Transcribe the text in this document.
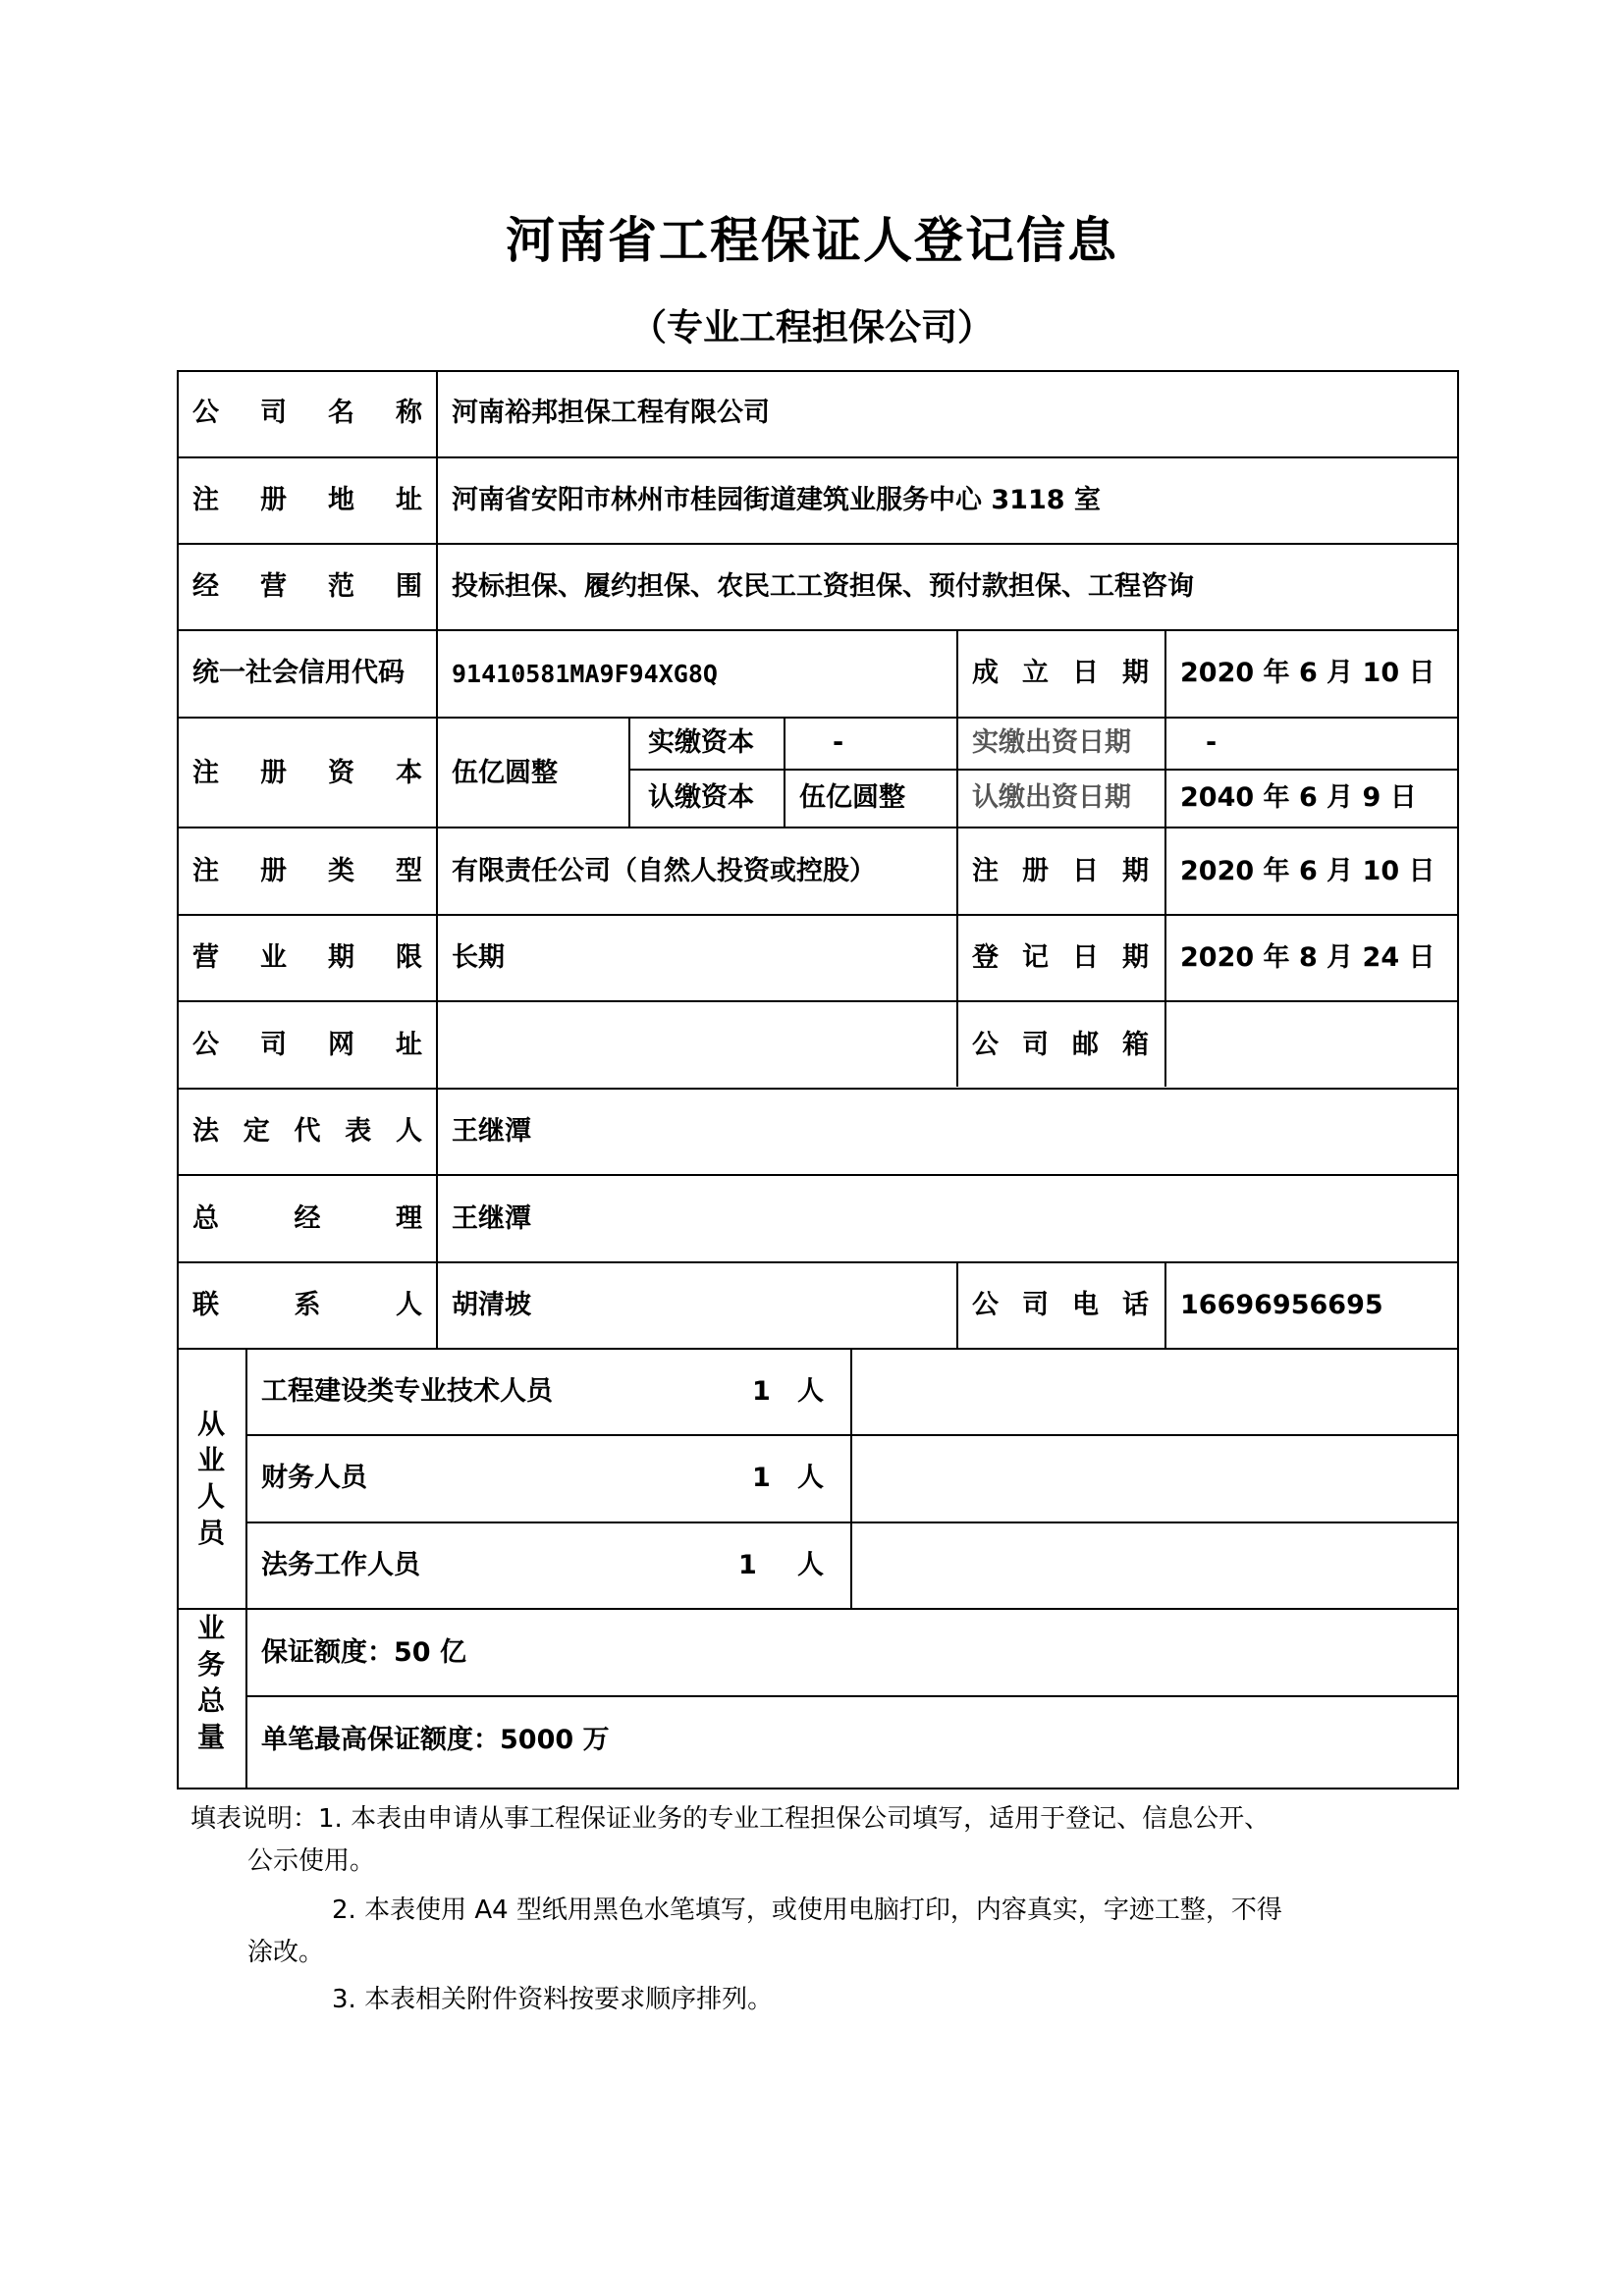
河南省工程保证人登记信息
（专业工程担保公司）
公 司 名 称 河南裕邦担保工程有限公司
注 册 地 址 河南省安阳市林州市桂园街道建筑业服务中心 3118 室
经 营 范 围 投标担保、履约担保、农民工工资担保、预付款担保、工程咨询
统一社会信用代码 91410581MA9F94XG8Q	成 立 日 期 2020 年 6 月 10 日
注 册 资 本 伍亿圆整
实缴资本	-	实缴出资日期	-
认缴资本 伍亿圆整	认缴出资日期 2040 年 6 月 9 日
注 册 类 型 有限责任公司（自然人投资或控股）	注 册 日 期 2020 年 6 月 10 日
营 业 期 限 长期	登 记 日 期 2020 年 8 月 24 日
公 司 网 址	公 司 邮 箱
法 定 代 表 人 王继潭
总	经	理 王继潭
联	系	人 胡清坡	公 司 电 话 16696956695
从
业
人
员
工程建设类专业技术人员	1 人
财务人员	1 人
法务工作人员	1 人
业
务
总
量
保证额度：50 亿
单笔最高保证额度：5000 万
填表说明：1. 本表由申请从事工程保证业务的专业工程担保公司填写，适用于登记、信息公开、
公示使用。
2. 本表使用 A4 型纸用黑色水笔填写，或使用电脑打印，内容真实，字迹工整，不得
涂改。
3. 本表相关附件资料按要求顺序排列。
